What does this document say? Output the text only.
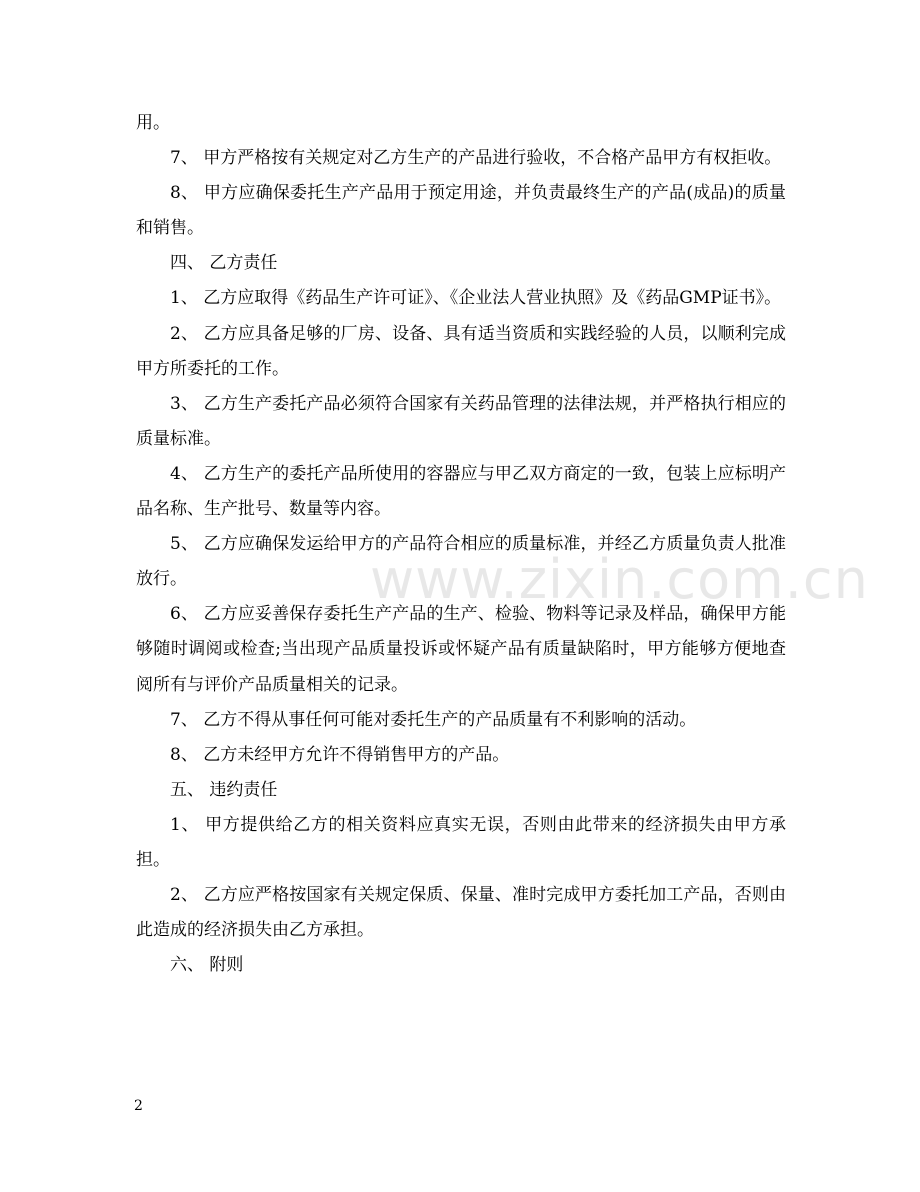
用。

7、 甲方严格按有关规定对乙方生产的产品进行验收，不合格产品甲方有权拒收。

8、 甲方应确保委托生产产品用于预定用途，并负责最终生产的产品(成品)的质量和销售。

四、 乙方责任

1、 乙方应取得《药品生产许可证》、《企业法人营业执照》及《药品GMP证书》。

2、 乙方应具备足够的厂房、设备、具有适当资质和实践经验的人员，以顺利完成甲方所委托的工作。

3、 乙方生产委托产品必须符合国家有关药品管理的法律法规，并严格执行相应的质量标准。

4、 乙方生产的委托产品所使用的容器应与甲乙双方商定的一致，包装上应标明产品名称、生产批号、数量等内容。

5、 乙方应确保发运给甲方的产品符合相应的质量标准，并经乙方质量负责人批准放行。

6、 乙方应妥善保存委托生产产品的生产、检验、物料等记录及样品，确保甲方能够随时调阅或检查;当出现产品质量投诉或怀疑产品有质量缺陷时，甲方能够方便地查阅所有与评价产品质量相关的记录。

7、 乙方不得从事任何可能对委托生产的产品质量有不利影响的活动。

8、 乙方未经甲方允许不得销售甲方的产品。

五、 违约责任

1、 甲方提供给乙方的相关资料应真实无误，否则由此带来的经济损失由甲方承担。

2、 乙方应严格按国家有关规定保质、保量、准时完成甲方委托加工产品，否则由此造成的经济损失由乙方承担。

六、 附则

www.zixin.com.cn
2
